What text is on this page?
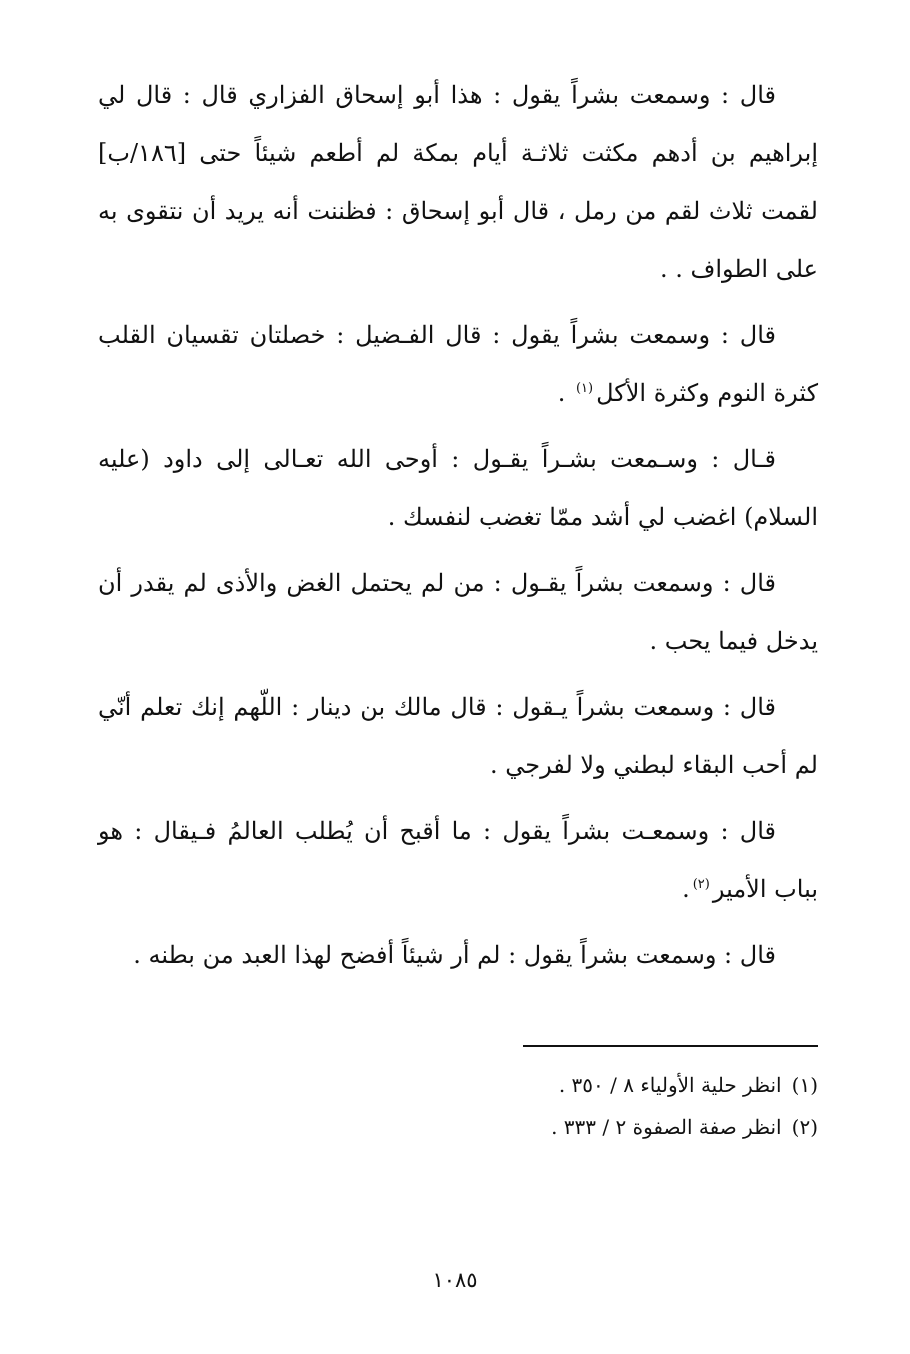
قال : وسمعت بشراً يقول : هذا أبو إسحاق الفزاري قال : قال لي إبراهيم بن أدهم مكثت ثلاثـة أيام بمكة لم أطعم شيئاً حتى [١٨٦/ب] لقمت ثلاث لقم من رمل ، قال أبو إسحاق : فظننت أنه يريد أن نتقوى به على الطواف . .

قال : وسمعت بشراً يقول : قال الفـضيل : خصلتان تقسيان القلب كثرة النوم وكثرة الأكل$^{(١)}$ .

قـال : وسـمعت بشـراً يقـول : أوحى الله تعـالى إلى داود (عليه السلام) اغضب لي أشد ممّا تغضب لنفسك .

قال : وسمعت بشراً يقـول : من لم يحتمل الغض والأذى لم يقدر أن يدخل فيما يحب .

قال : وسمعت بشراً يـقول : قال مالك بن دينار : اللّهم إنك تعلم أنّي لم أحب البقاء لبطني ولا لفرجي .

قال : وسمعـت بشراً يقول : ما أقبح أن يُطلب العالمُ فـيقال : هو بباب الأمير$^{(٢)}$.

قال : وسمعت بشراً يقول : لم أر شيئاً أفضح لهذا العبد من بطنه .

(١)انظر حلية الأولياء ٨ / ٣٥٠ .

(٢)انظر صفة الصفوة ٢ / ٣٣٣ .

١٠٨٥
